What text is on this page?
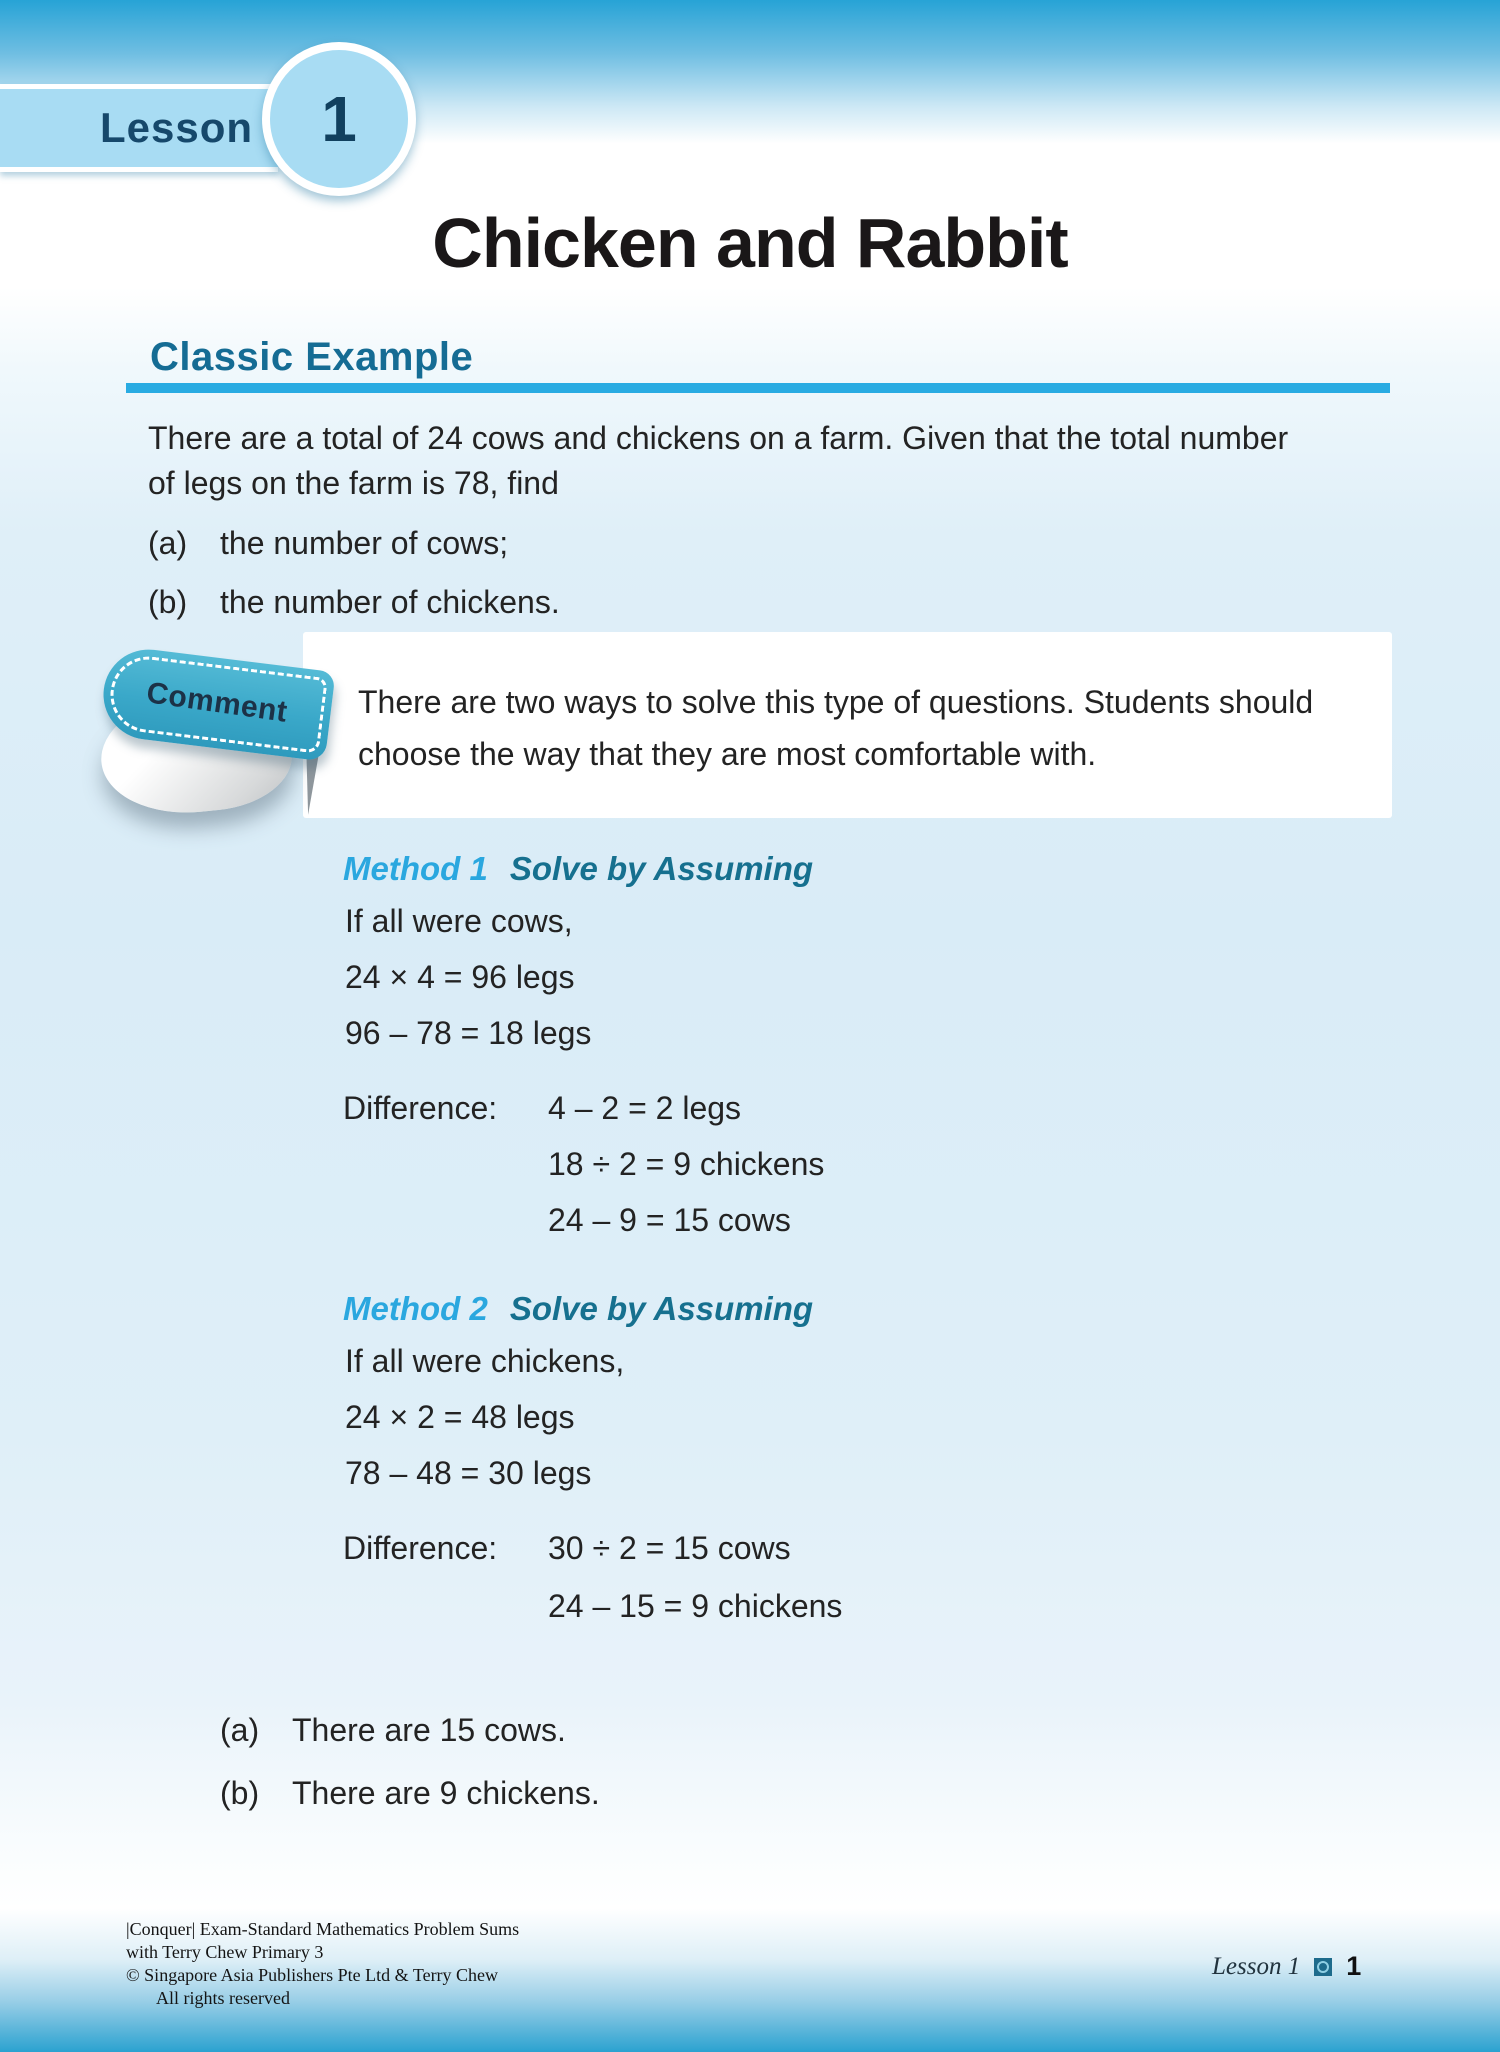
Lesson 1
Chicken and Rabbit
Classic Example
There are a total of 24 cows and chickens on a farm. Given that the total number
of legs on the farm is 78, find
(a)	the number of cows;
(b)	the number of chickens.
There are two ways to solve this type of questions. Students should
choose the way that they are most comfortable with.
Comment
Method 1 Solve by Assuming
If all were cows,
24 × 4 = 96 legs
96 – 78 = 18 legs
Difference: 4 – 2 = 2 legs
18 ÷ 2 = 9 chickens
24 – 9 = 15 cows
Method 2 Solve by Assuming
If all were chickens,
24 × 2 = 48 legs
78 – 48 = 30 legs
Difference: 30 ÷ 2 = 15 cows
24 – 15 = 9 chickens
(a)	There are 15 cows.
(b)	There are 9 chickens.
|Conquer| Exam-Standard Mathematics Problem Sums
with Terry Chew Primary 3
© Singapore Asia Publishers Pte Ltd & Terry Chew
All rights reserved
Lesson 1 1
